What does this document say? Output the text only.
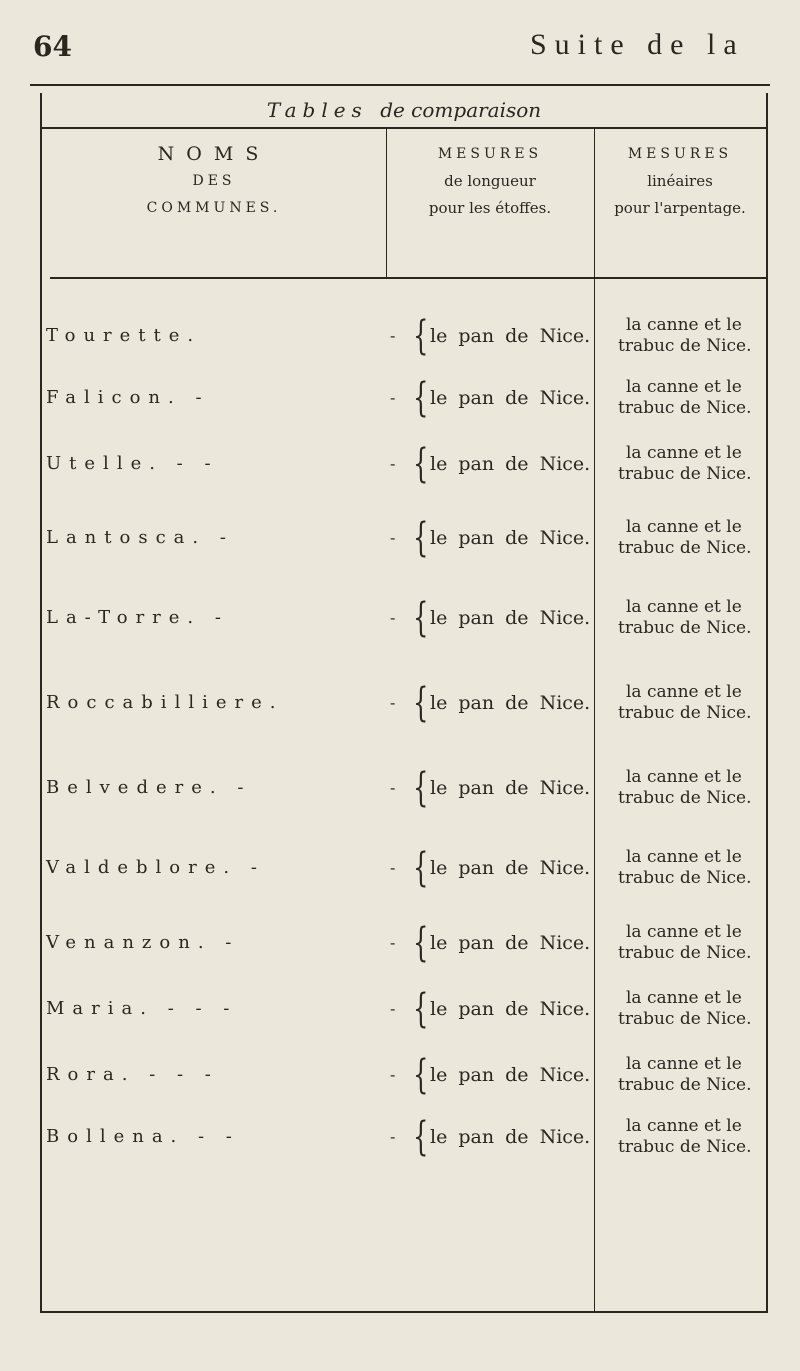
64	Suite de la
Tables de comparaison
NOMS
DES
COMMUNES.
MESURES
de longueur
pour les étoffes.
MESURES
linéaires
pour l'arpentage.
Tourette.	- { le pan de Nice.	la canne et le
trabuc de Nice.
Falicon. -	- { le pan de Nice.	la canne et le
trabuc de Nice.
Utelle. - -	- { le pan de Nice.	la canne et le
trabuc de Nice.
Lantosca. -	- { le pan de Nice.	la canne et le
trabuc de Nice.
La-Torre. -	- { le pan de Nice.	la canne et le
trabuc de Nice.
Roccabilliere.	- { le pan de Nice.	la canne et le
trabuc de Nice.
Belvedere. -	- { le pan de Nice.	la canne et le
trabuc de Nice.
Valdeblore. -	- { le pan de Nice.	la canne et le
trabuc de Nice.
Venanzon. -	- { le pan de Nice.	la canne et le
trabuc de Nice.
Maria. - - -	- { le pan de Nice.	la canne et le
trabuc de Nice.
Rora. - - -	- { le pan de Nice.	la canne et le
trabuc de Nice.
Bollena. - -	- { le pan de Nice.	la canne et le
trabuc de Nice.
